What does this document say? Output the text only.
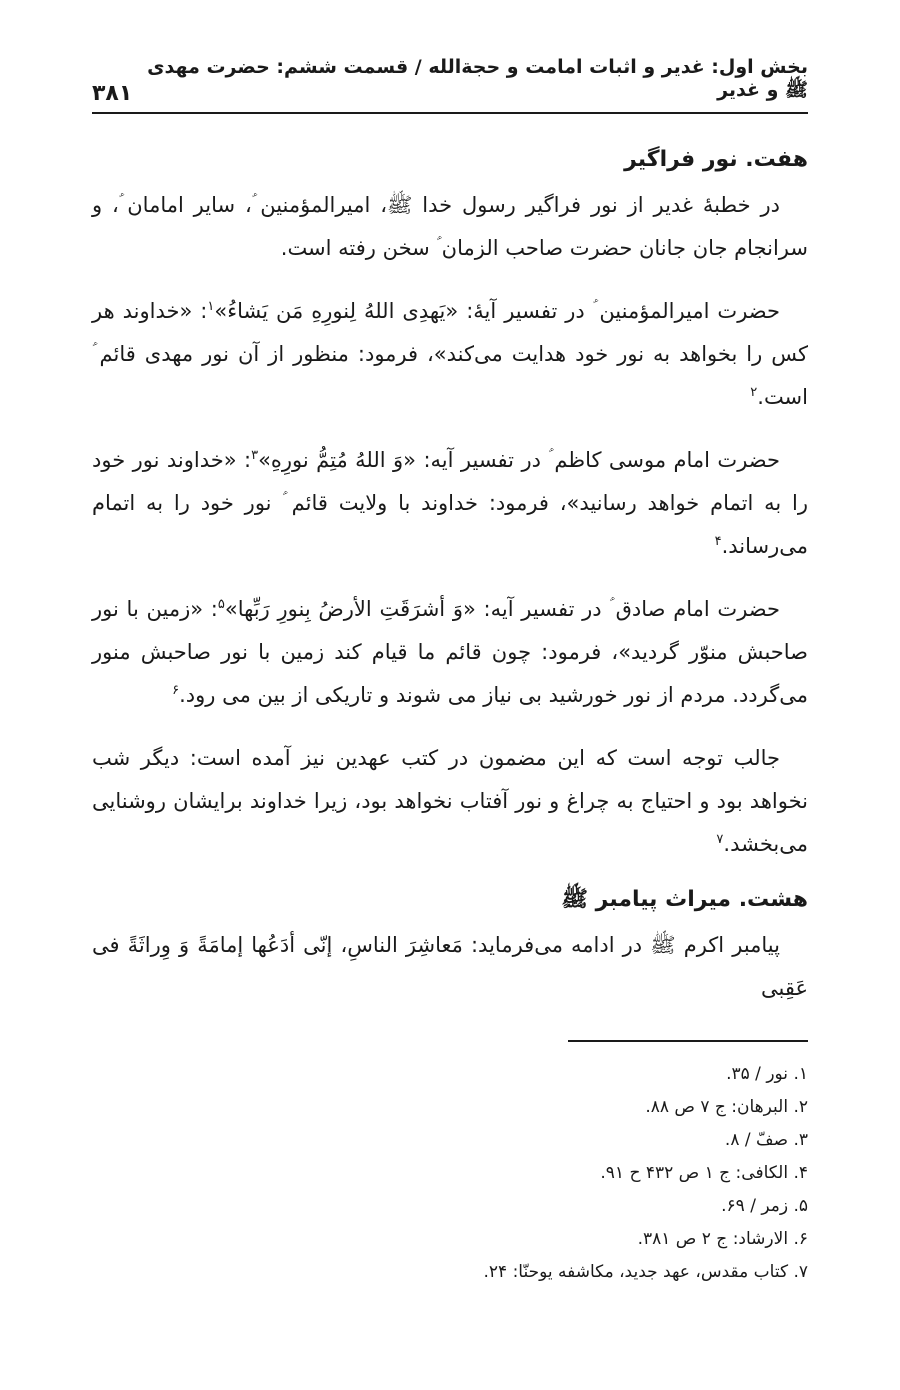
بخش اول: غدیر و اثبات امامت و حجةالله / قسمت ششم: حضرت مهدی ﷺ و غدیر
۳۸۱
هفت. نور فراگیر

در خطبهٔ غدیر از نور فراگیر رسول خدا ﷺ، امیرالمؤمنین ؑ، سایر امامان ؑ، و سرانجام جان جانان حضرت صاحب الزمان ؑ سخن رفته است.

حضرت امیرالمؤمنین ؑ در تفسیر آیهٔ: «یَهدِی اللهُ لِنورِهِ مَن یَشاءُ»$^۱$: «خداوند هر کس را بخواهد به نور خود هدایت می‌کند»، فرمود: منظور از آن نور مهدی قائم ؑ است.$^۲$

حضرت امام موسی کاظم ؑ در تفسیر آیه: «وَ اللهُ مُتِمُّ نورِهِ»$^۳$: «خداوند نور خود را به اتمام خواهد رسانید»، فرمود: خداوند با ولایت قائم ؑ نور خود را به اتمام می‌رساند.$^۴$

حضرت امام صادق ؑ در تفسیر آیه: «وَ أشرَقَتِ الأرضُ بِنورِ رَبِّها»$^۵$: «زمین با نور صاحبش منوّر گردید»، فرمود: چون قائم ما قیام کند زمین با نور صاحبش منور می‌گردد. مردم از نور خورشید بی نیاز می شوند و تاریکی از بین می رود.$^۶$

جالب توجه است که این مضمون در کتب عهدین نیز آمده است: دیگر شب نخواهد بود و احتیاج به چراغ و نور آفتاب نخواهد بود، زیرا خداوند برایشان روشنایی می‌بخشد.$^۷$

هشت. میراث پیامبر ﷺ

پیامبر اکرم ﷺ در ادامه می‌فرماید: مَعاشِرَ الناسِ، إنّی أدَعُها إمامَةً وَ وِراثَةً فی عَقِبی

۱. نور / ۳۵.
۲. البرهان: ج ۷ ص ۸۸.
۳. صفّ / ۸.
۴. الکافی: ج ۱ ص ۴۳۲ ح ۹۱.
۵. زمر / ۶۹.
۶. الارشاد: ج ۲ ص ۳۸۱.
۷. کتاب مقدس، عهد جدید، مکاشفه یوحنّا: ۲۴.
